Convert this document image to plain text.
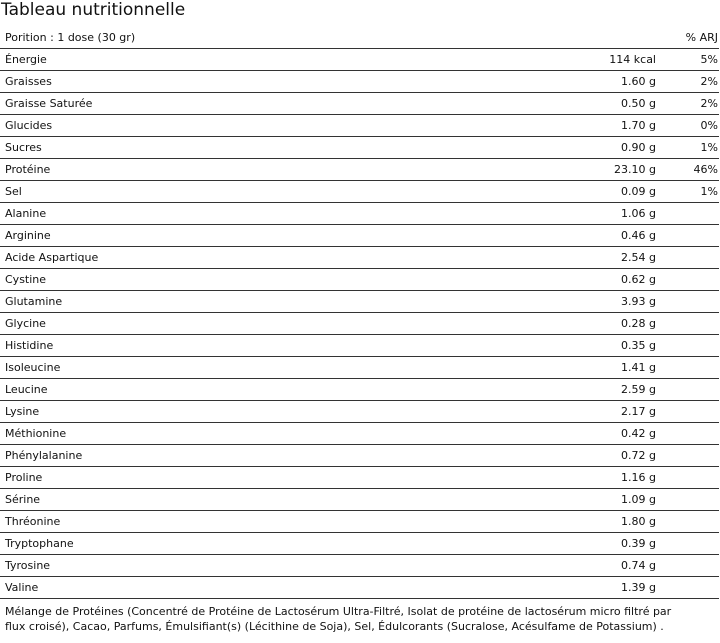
Tableau nutritionnelle
Porition : 1 dose (30 gr)		% ARJ
Énergie	114 kcal	5%
Graisses	1.60 g	2%
Graisse Saturée	0.50 g	2%
Glucides	1.70 g	0%
Sucres	0.90 g	1%
Protéine	23.10 g	46%
Sel	0.09 g	1%
Alanine	1.06 g	
Arginine	0.46 g	
Acide Aspartique	2.54 g	
Cystine	0.62 g	
Glutamine	3.93 g	
Glycine	0.28 g	
Histidine	0.35 g	
Isoleucine	1.41 g	
Leucine	2.59 g	
Lysine	2.17 g	
Méthionine	0.42 g	
Phénylalanine	0.72 g	
Proline	1.16 g	
Sérine	1.09 g	
Thréonine	1.80 g	
Tryptophane	0.39 g	
Tyrosine	0.74 g	
Valine	1.39 g	
Mélange de Protéines (Concentré de Protéine de Lactosérum Ultra-Filtré, Isolat de protéine de lactosérum micro filtré par flux croisé), Cacao, Parfums, Émulsifiant(s) (Lécithine de Soja), Sel, Édulcorants (Sucralose, Acésulfame de Potassium) .
